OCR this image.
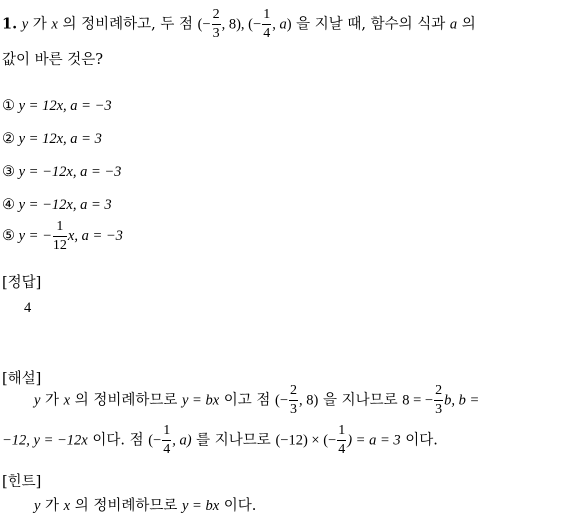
1. y 가 x 의 정비례하고, 두 점 (− $\frac{2}{3}$ , 8), (− $\frac{1}{4}$ , a) 을 지날 때, 함수의 식과 a 의
값이 바른 것은?
① y = 12x, a = −3
② y = 12x, a = 3
③ y = −12x, a = −3
④ y = −12x, a = 3
⑤ y = − $\frac{1}{12} x$, a = −3
[정답]
4
[해설]
y 가 x 의 정비례하므로 y = bx 이고 점 (− $\frac{2}{3}$ , 8) 을 지나므로 8 = − $\frac{2}{3} b$, b =
−12, y = −12x 이다. 점 (− $\frac{1}{4}$ , a) 를 지나므로 (−12) × (− $\frac{1}{4}$ ) = a = 3 이다.
[힌트]
y 가 x 의 정비례하므로 y = bx 이다.
